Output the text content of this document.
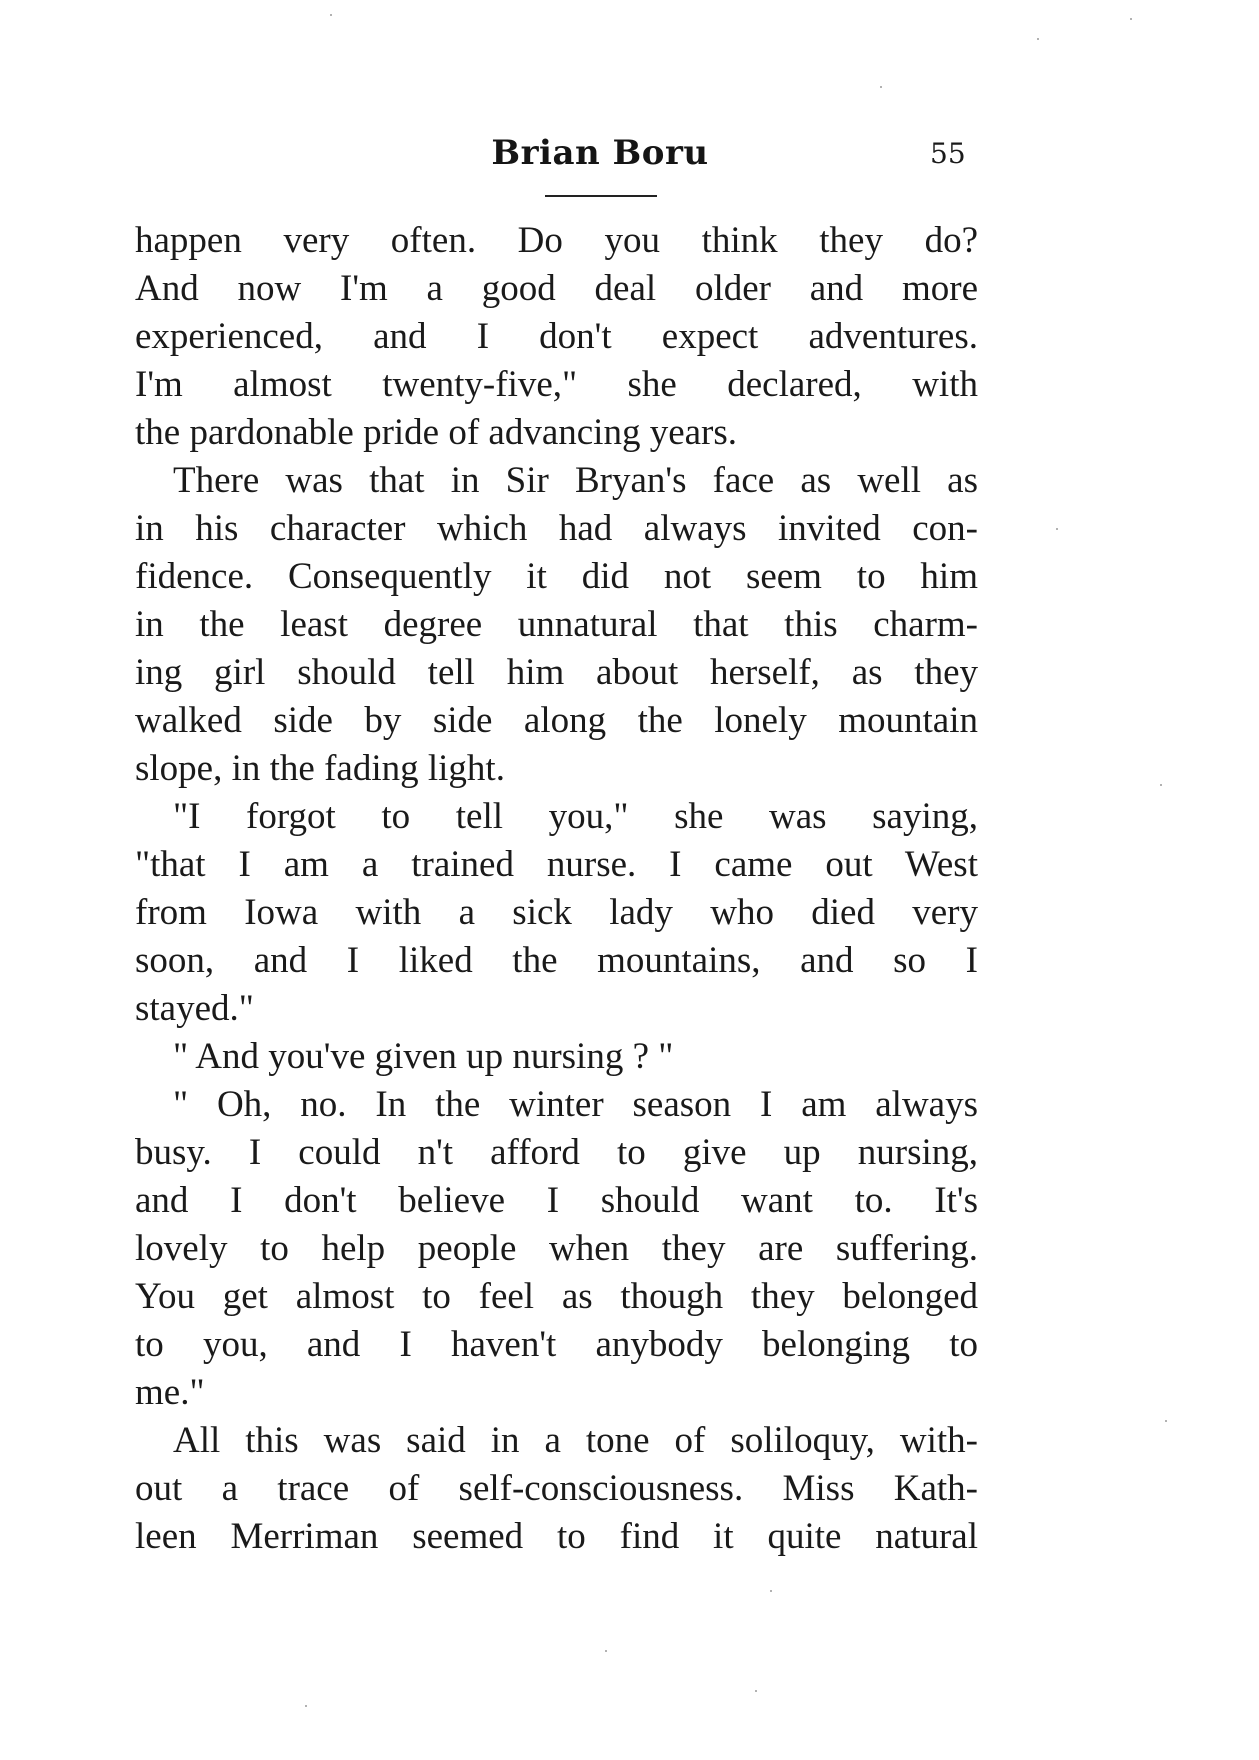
Brian Boru	55
happen very often. Do you think they do?
And now I'm a good deal older and more
experienced, and I don't expect adventures.
I'm almost twenty-five," she declared, with
the pardonable pride of advancing years.
There was that in Sir Bryan's face as well as
in his character which had always invited con-
fidence. Consequently it did not seem to him
in the least degree unnatural that this charm-
ing girl should tell him about herself, as they
walked side by side along the lonely mountain
slope, in the fading light.
"I forgot to tell you," she was saying,
"that I am a trained nurse. I came out West
from Iowa with a sick lady who died very
soon, and I liked the mountains, and so I
stayed."
" And you've given up nursing ? "
" Oh, no. In the winter season I am always
busy. I could n't afford to give up nursing,
and I don't believe I should want to. It's
lovely to help people when they are suffering.
You get almost to feel as though they belonged
to you, and I haven't anybody belonging to
me."
All this was said in a tone of soliloquy, with-
out a trace of self-consciousness. Miss Kath-
leen Merriman seemed to find it quite natural
